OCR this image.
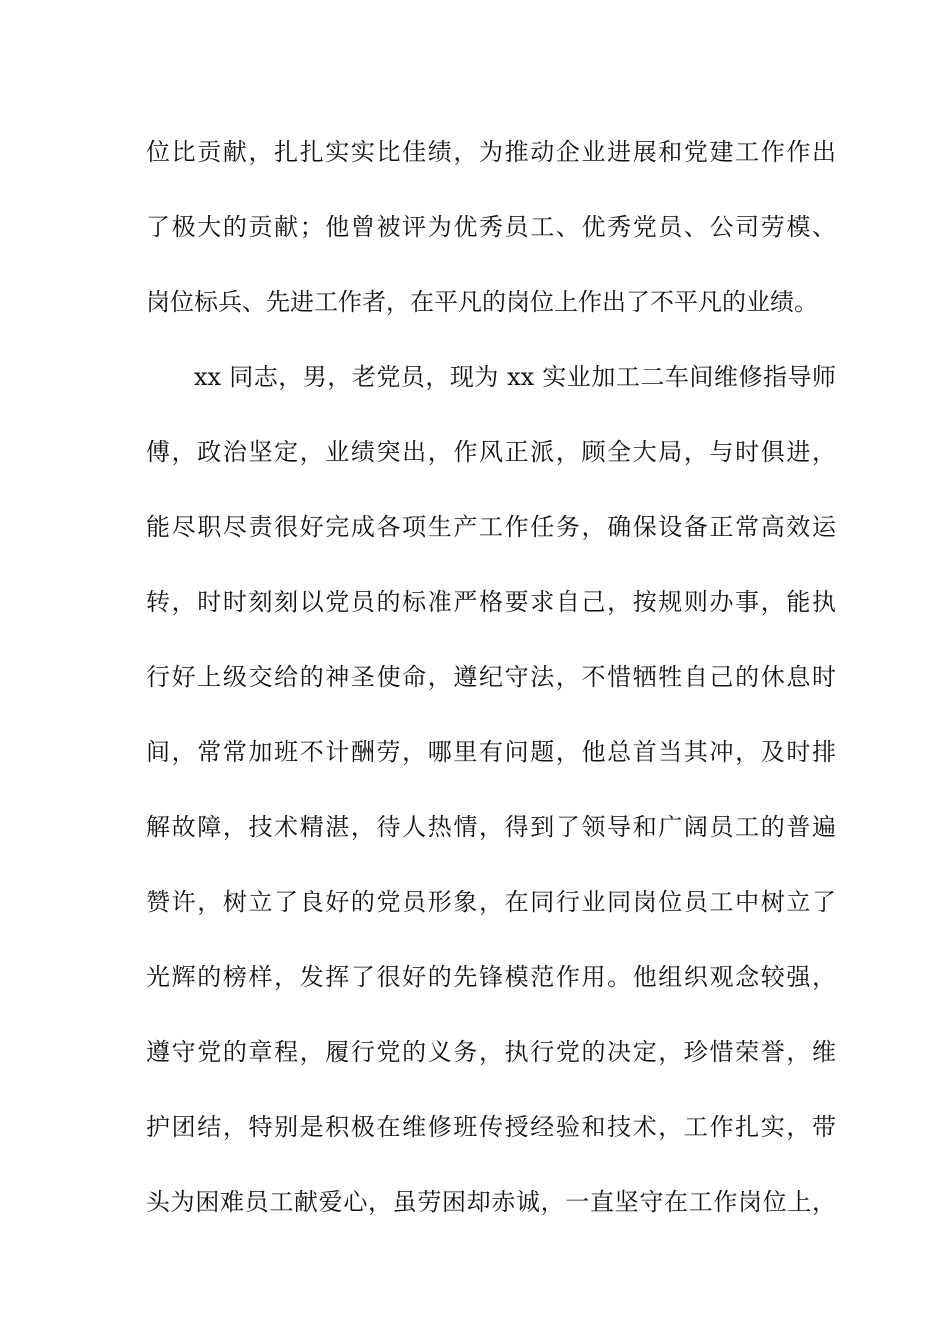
位比贡献，扎扎实实比佳绩，为推动企业进展和党建工作作出
了极大的贡献；他曾被评为优秀员工、优秀党员、公司劳模、
岗位标兵、先进工作者，在平凡的岗位上作出了不平凡的业绩。
xx 同志，男，老党员，现为 xx 实业加工二车间维修指导师
傅，政治坚定，业绩突出，作风正派，顾全大局，与时俱进，
能尽职尽责很好完成各项生产工作任务，确保设备正常高效运
转，时时刻刻以党员的标准严格要求自己，按规则办事，能执
行好上级交给的神圣使命，遵纪守法，不惜牺牲自己的休息时
间，常常加班不计酬劳，哪里有问题，他总首当其冲，及时排
解故障，技术精湛，待人热情，得到了领导和广阔员工的普遍
赞许，树立了良好的党员形象，在同行业同岗位员工中树立了
光辉的榜样，发挥了很好的先锋模范作用。他组织观念较强，
遵守党的章程，履行党的义务，执行党的决定，珍惜荣誉，维
护团结，特别是积极在维修班传授经验和技术，工作扎实，带
头为困难员工献爱心，虽劳困却赤诚，一直坚守在工作岗位上，
